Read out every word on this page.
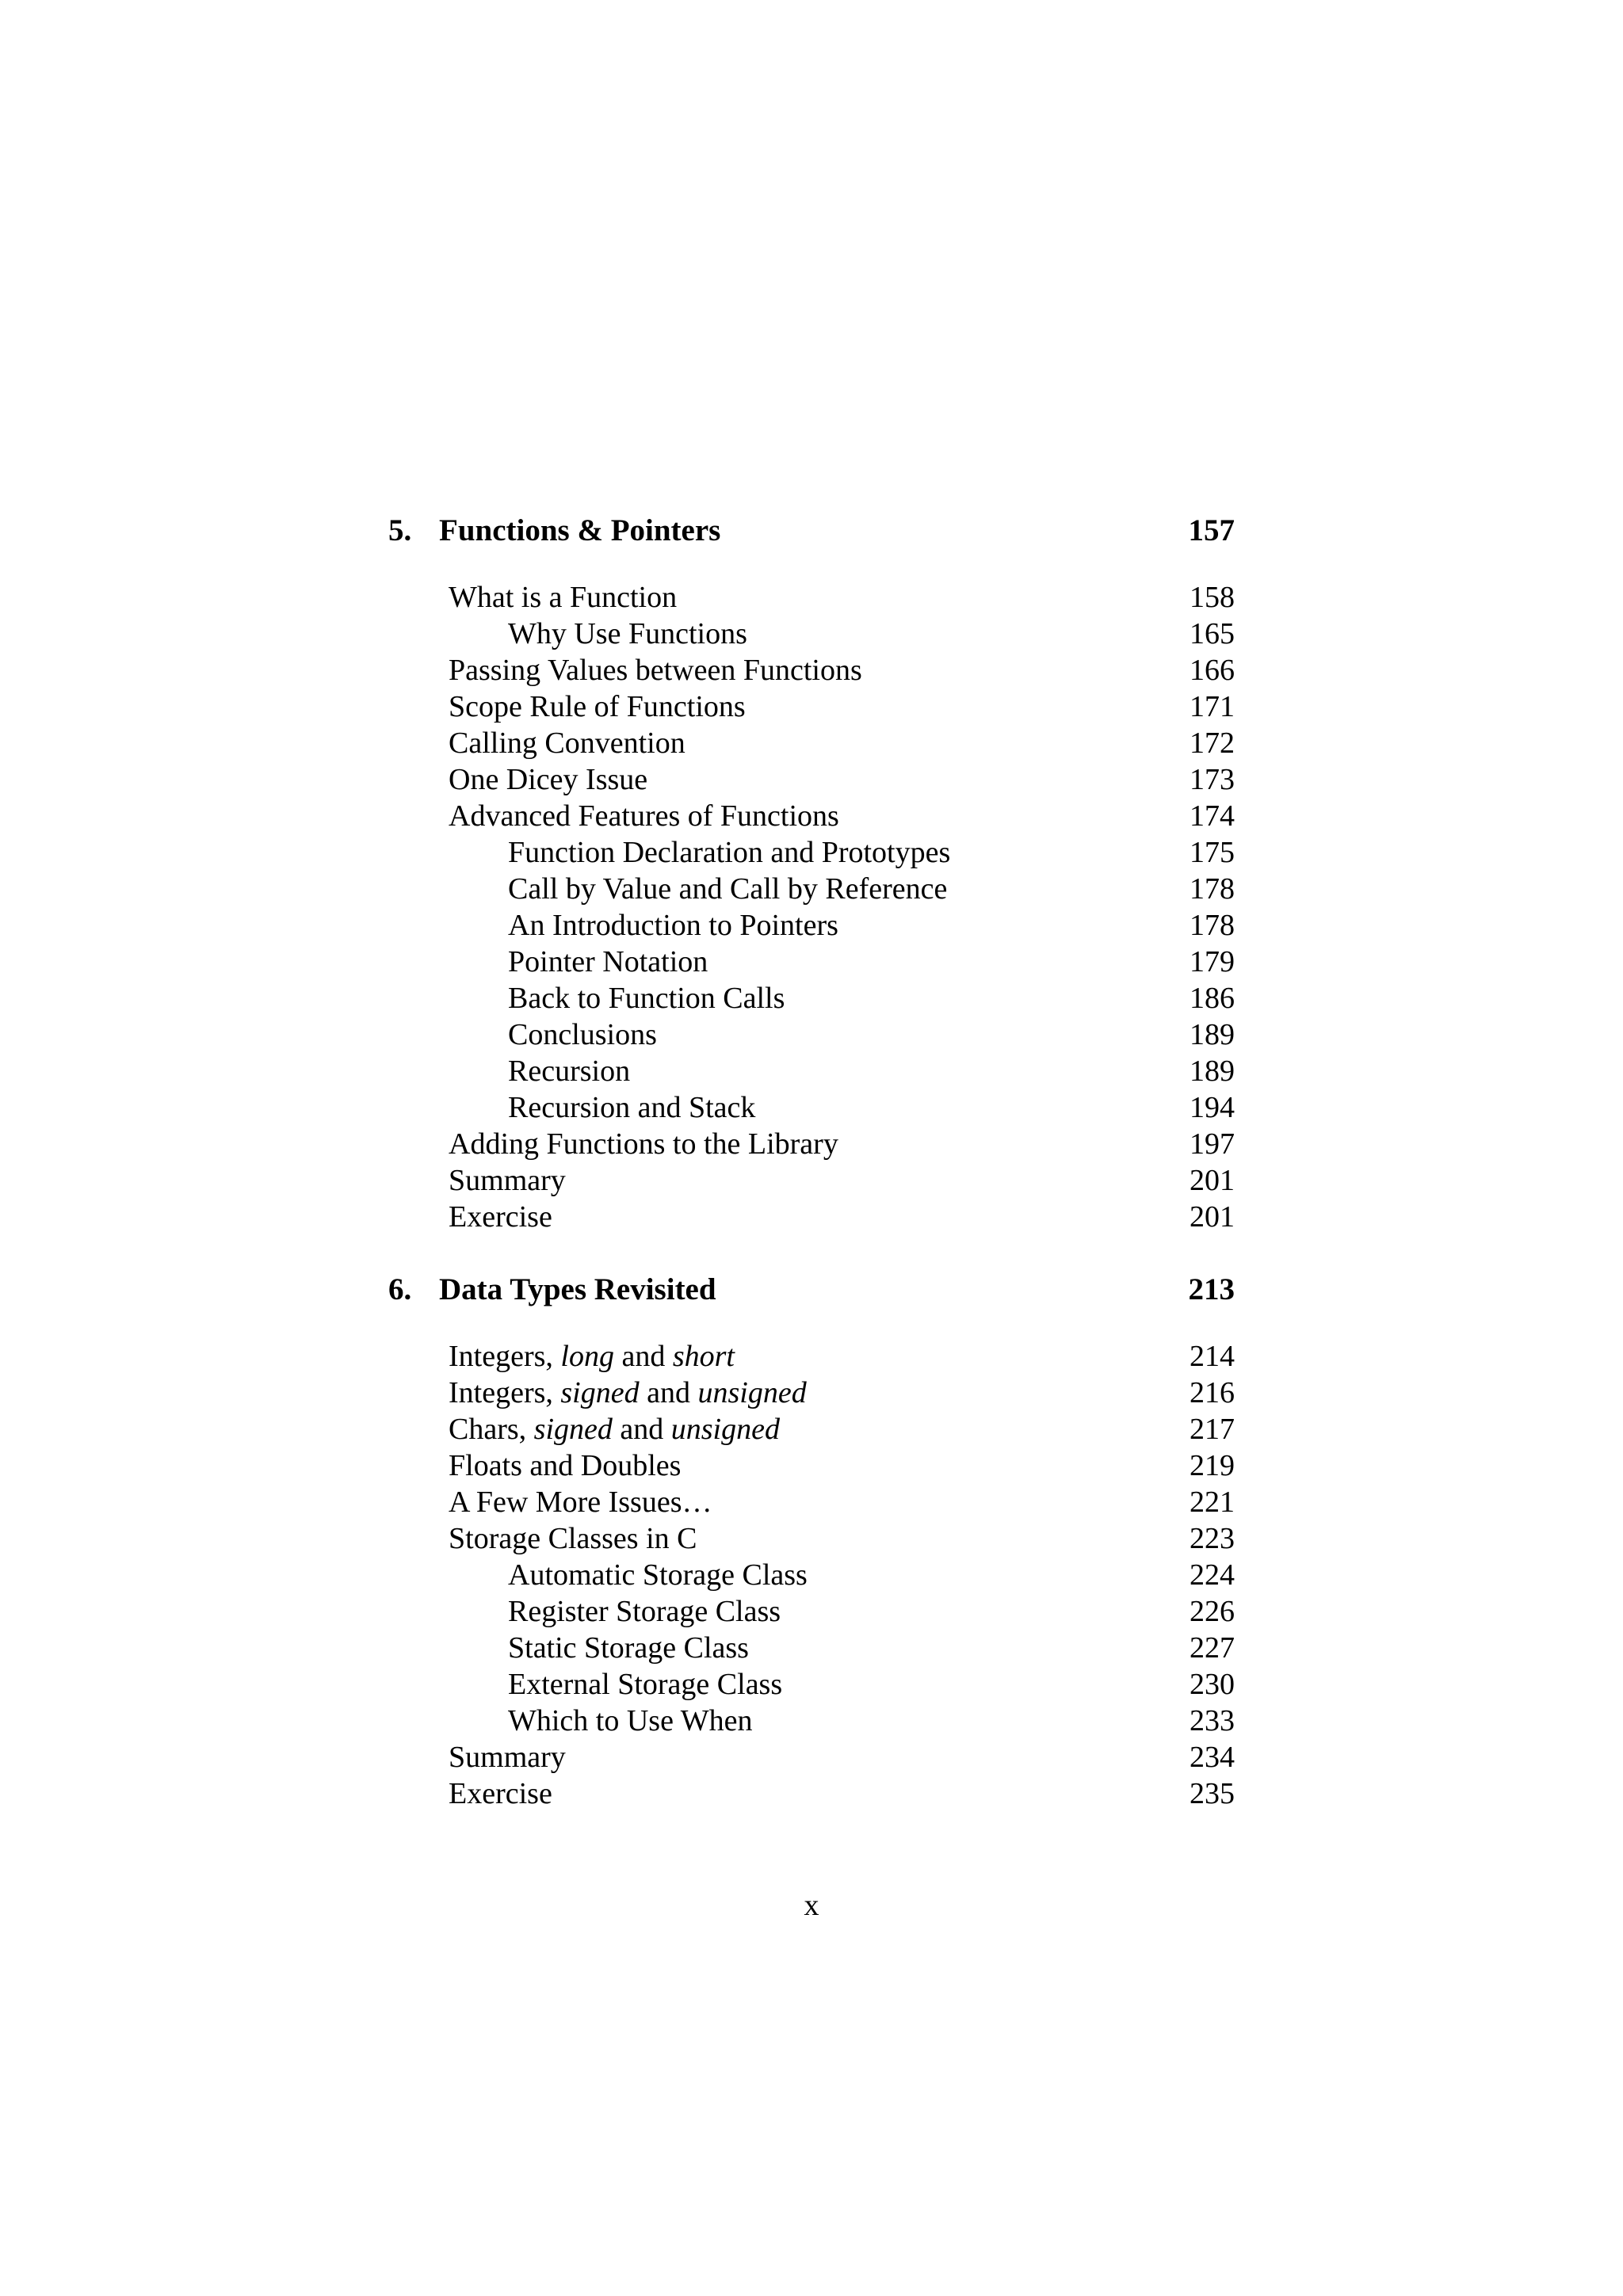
5. Functions & Pointers	157
What is a Function	158
Why Use Functions	165
Passing Values between Functions	166
Scope Rule of Functions	171
Calling Convention	172
One Dicey Issue	173
Advanced Features of Functions	174
Function Declaration and Prototypes	175
Call by Value and Call by Reference	178
An Introduction to Pointers	178
Pointer Notation	179
Back to Function Calls	186
Conclusions	189
Recursion	189
Recursion and Stack	194
Adding Functions to the Library	197
Summary	201
Exercise	201
6. Data Types Revisited	213
Integers, long and short	214
Integers, signed and unsigned	216
Chars, signed and unsigned	217
Floats and Doubles	219
A Few More Issues…	221
Storage Classes in C	223
Automatic Storage Class	224
Register Storage Class	226
Static Storage Class	227
External Storage Class	230
Which to Use When	233
Summary	234
Exercise	235
x
